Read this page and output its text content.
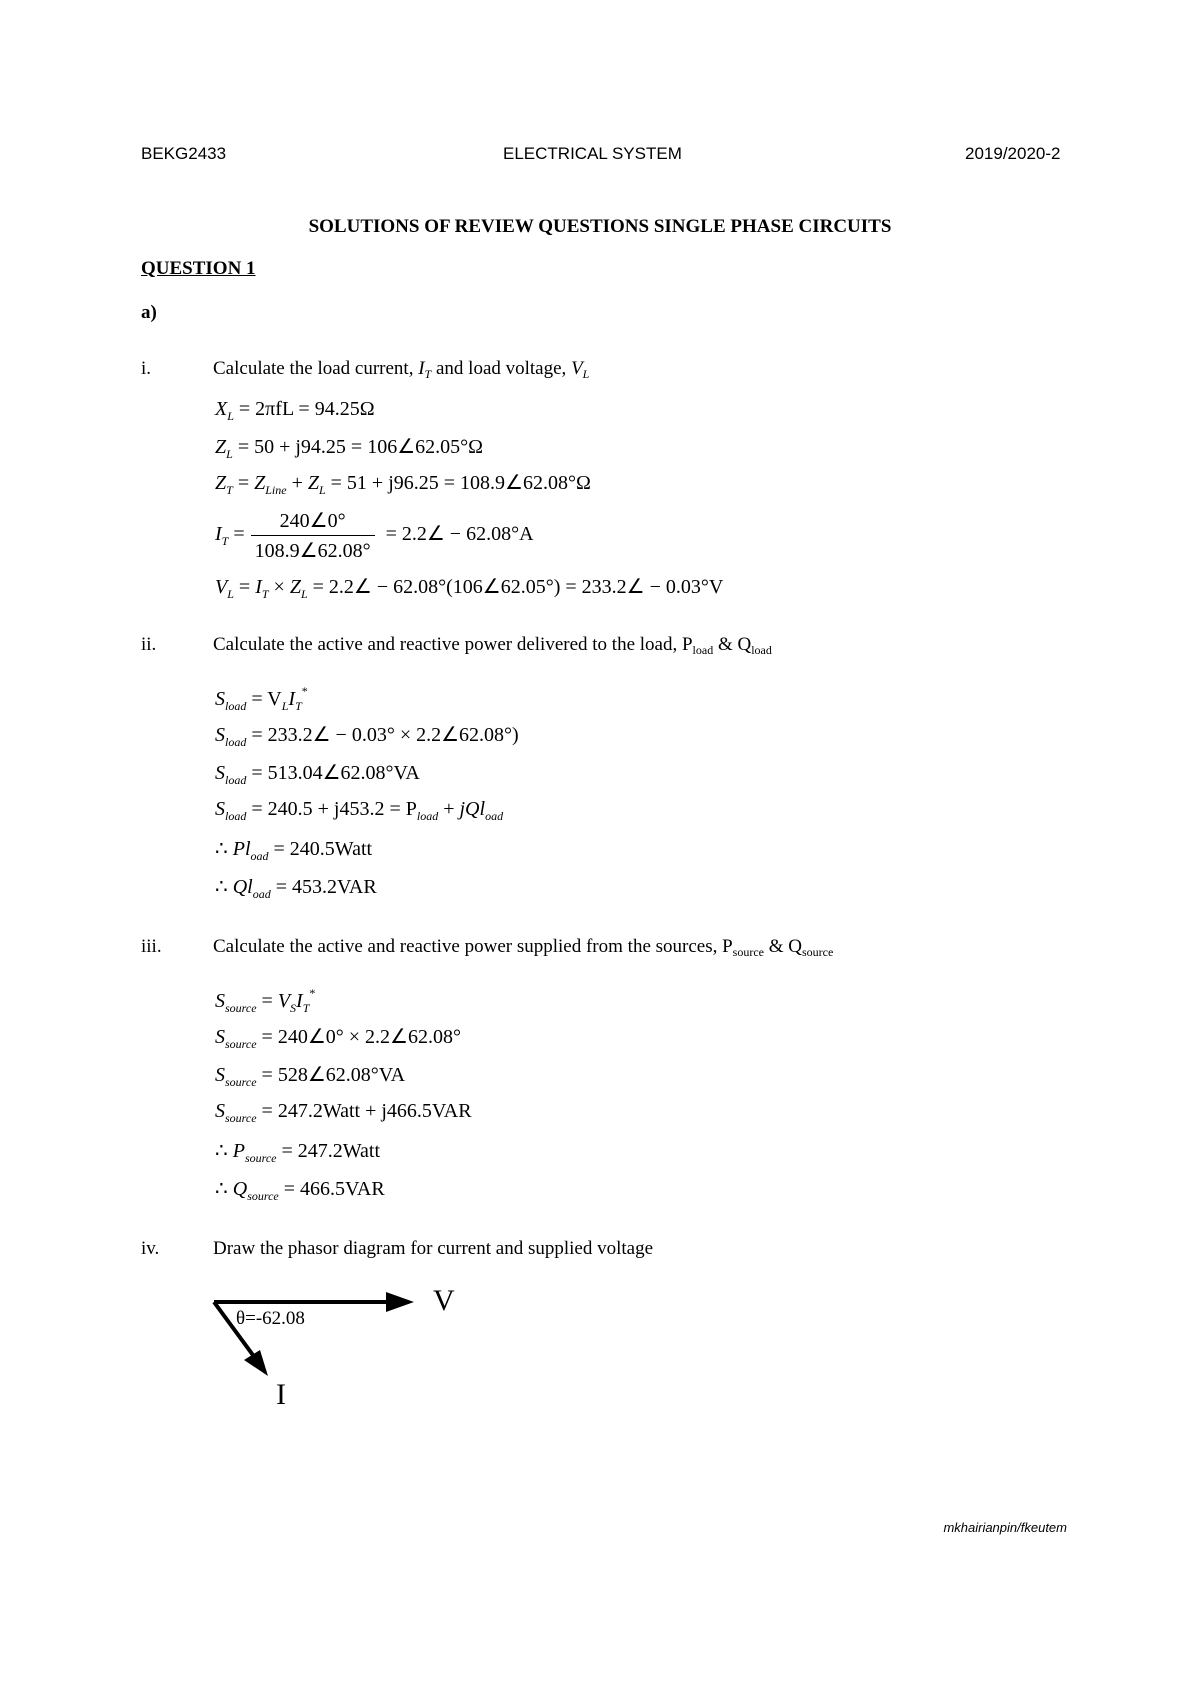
BEKG2433	ELECTRICAL SYSTEM	2019/2020-2
SOLUTIONS OF REVIEW QUESTIONS SINGLE PHASE CIRCUITS
QUESTION 1
a)
i.	Calculate the load current, $I_T$ and load voltage, $V_L$
$X_L = 2\pi fL = 94.25\Omega$
$Z_L = 50 + j94.25$ = 106∠62.05°Ω
$Z_T = Z_{Line} + Z_L = 51 + j96.25$ = 108.9∠62.08°Ω
$I_T = \frac{240\angle 0^\circ}{108.9\angle 62.08^\circ}$ = 2.2∠ − 62.08°A
$V_L = I_T \times Z_L$ = 2.2∠ − 62.08°(106∠62.05°) = 233.2∠ − 0.03°V
ii.	Calculate the active and reactive power delivered to the load, $P_{load}$ & $Q_{load}$
$S_{load} = V_LI_T^*$
$S_{load}$ = 233.2∠ − 0.03° × 2.2∠62.08°)
$S_{load}$ = 513.04∠62.08°VA
$S_{load} = 240.5 + j453.2 = P_{load} + jQl_{oad}$
∴ $Pl_{oad}$ = 240.5Watt
∴ $Ql_{oad} = 453.2VAR$
iii.	Calculate the active and reactive power supplied from the sources, $P_{source}$ & $Q_{source}$
$S_{source} = V_SI_T^*$
$S_{source}$ = 240∠0° × 2.2∠62.08°
$S_{source}$ = 528∠62.08°VA
$S_{source}$ = 247.2Watt + j466.5VAR
∴ $P_{source}$ = 247.2Watt
∴ $Q_{source} = 466.5VAR$
iv.	Draw the phasor diagram for current and supplied voltage
θ=-62.08
V
I
mkhairianpin/fkeutem
